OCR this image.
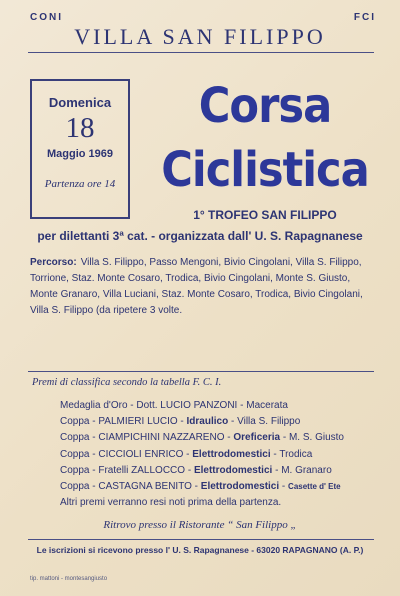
CONI	FCI
VILLA SAN FILIPPO
Domenica
18
Maggio 1969
Partenza ore 14
Corsa
Ciclistica
1° TROFEO SAN FILIPPO
per dilettanti 3ª cat. - organizzata dall' U. S. Rapagnanese
Percorso: Villa S. Filippo, Passo Mengoni, Bivio Cingolani, Villa S. Filippo, Torrione, Staz. Monte Cosaro, Trodica, Bivio Cingolani, Monte S. Giusto, Monte Granaro, Villa Luciani, Staz. Monte Cosaro, Trodica, Bivio Cingolani, Villa S. Filippo (da ripetere 3 volte.
Premi di classifica secondo la tabella F. C. I.
Medaglia d'Oro - Dott. LUCIO PANZONI - Macerata
Coppa - PALMIERI LUCIO - Idraulico - Villa S. Filippo
Coppa - CIAMPICHINI NAZZARENO - Oreficeria - M. S. Giusto
Coppa - CICCIOLI ENRICO - Elettrodomestici - Trodica
Coppa - Fratelli ZALLOCCO - Elettrodomestici - M. Granaro
Coppa - CASTAGNA BENITO - Elettrodomestici - Casette d' Ete
Altri premi verranno resi noti prima della partenza.
Ritrovo presso il Ristorante “ San Filippo „
Le iscrizioni si ricevono presso l' U. S. Rapagnanese - 63020 RAPAGNANO (A. P.)
tip. mattoni - montesangiusto
